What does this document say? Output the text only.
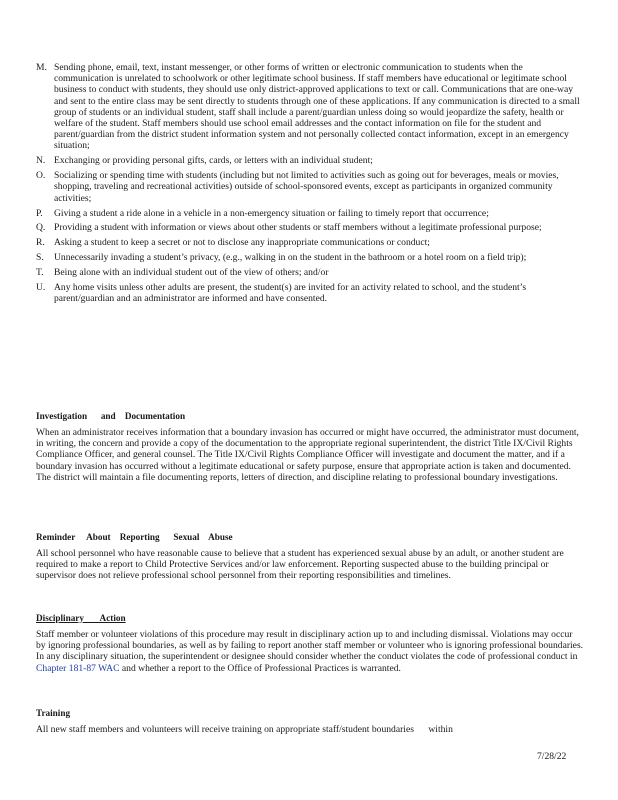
M. Sending phone, email, text, instant messenger, or other forms of written or electronic communication to students when the communication is unrelated to schoolwork or other legitimate school business. If staff members have educational or legitimate school business to conduct with students, they should use only district-approved applications to text or call. Communications that are one-way and sent to the entire class may be sent directly to students through one of these applications. If any communication is directed to a small group of students or an individual student, staff shall include a parent/guardian unless doing so would jeopardize the safety, health or welfare of the student. Staff members should use school email addresses and the contact information on file for the student and parent/guardian from the district student information system and not personally collected contact information, except in an emergency situation;
N. Exchanging or providing personal gifts, cards, or letters with an individual student;
O. Socializing or spending time with students (including but not limited to activities such as going out for beverages, meals or movies, shopping, traveling and recreational activities) outside of school-sponsored events, except as participants in organized community activities;
P.	Giving a student a ride alone in a vehicle in a non-emergency situation or failing to timely report that occurrence;
Q. Providing a student with information or views about other students or staff members without a legitimate professional purpose;
R. Asking a student to keep a secret or not to disclose any inappropriate communications or conduct;
S.	Unnecessarily invading a student’s privacy, (e.g., walking in on the student in the bathroom or a hotel room on a field trip);
T.	Being alone with an individual student out of the view of others; and/or
U. Any home visits unless other adults are present, the student(s) are invited for an activity related to school, and the student’s parent/guardian and an administrator are informed and have consented.
Investigation      and    Documentation
When an administrator receives information that a boundary invasion has occurred or might have occurred, the administrator must document, in writing, the concern and provide a copy of the documentation to the appropriate regional superintendent, the district Title IX/Civil Rights Compliance Officer, and general counsel. The Title IX/Civil Rights Compliance Officer will investigate and document the matter, and if a boundary invasion has occurred without a legitimate educational or safety purpose, ensure that appropriate action is taken and documented. The district will maintain a file documenting reports, letters of direction, and discipline relating to professional boundary investigations.
Reminder     About    Reporting      Sexual    Abuse
All school personnel who have reasonable cause to believe that a student has experienced sexual abuse by an adult, or another student are required to make a report to Child Protective Services and/or law enforcement. Reporting suspected abuse to the building principal or supervisor does not relieve professional school personnel from their reporting responsibilities and timelines.
Disciplinary       Action
Staff member or volunteer violations of this procedure may result in disciplinary action up to and including dismissal. Violations may occur by ignoring professional boundaries, as well as by failing to report another staff member or volunteer who is ignoring professional boundaries. In any disciplinary situation, the superintendent or designee should consider whether the conduct violates the code of professional conduct in Chapter 181-87 WAC and whether a report to the Office of Professional Practices is warranted.
Training
All new staff members and volunteers will receive training on appropriate staff/student boundaries      within
7/28/22
